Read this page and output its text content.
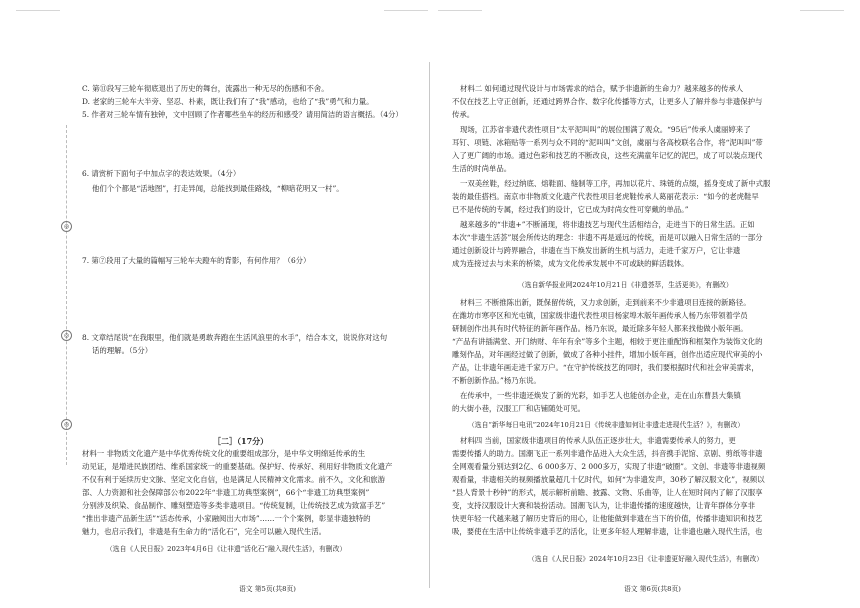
◎
◎
◎
C. 第⑪段写三轮车彻底退出了历史的舞台，流露出一种无尽的伤感和不舍。
D. 老家的三轮车大半旁、坚忍、朴素，既让我们有了“我”感动，也给了“我”勇气和力量。
5. 作者对三轮车情有独钟，文中回顾了作者哪些坐车的经历和感受？请用简洁的语言概括。（4分）
6. 请赏析下面句子中加点字的表达效果。（4分）
他们个个都是“活地图”，打走异闻，总能找到最佳路线，“柳暗花明又一村”。
7. 第⑦段用了大量的篇幅写三轮车夫蹬车的背影，有何作用？（6分）
8. 文章结尾说“在我眼里，他们就是勇敢奔跑在生活风浪里的水手”，结合本文，说说你对这句
话的理解。（5分）
［二］（17分）
材料一 非物质文化遗产是中华优秀传统文化的重要组成部分，是中华文明绵延传承的生
动见证，是增进民族团结、维系国家统一的重要基础。保护好、传承好、利用好非物质文化遗产
不仅有利于延续历史文脉、坚定文化自信，也是满足人民精神文化需求。前不久，文化和旅游
部、人力资源和社会保障部公布2022年“非遗工坊典型案例”，66个“非遗工坊典型案例”
分别涉及织染、食品制作、雕刻塑造等多类非遗项目。“传统复制，让传统技艺成为致富手艺”
“推出非遗产品新生活”“活态传承，小家融阅出大市场”……一个个案例，彰显非遗独特的
魅力，也启示我们，非遗是有生命力的“活化石”，完全可以融入现代生活。
（选自《人民日报》2023年4月6日《让非遗“活化石”融入现代生活》，有删改）
语文 第5页(共8页)
材料二 如何通过现代设计与市场需求的结合，赋予非遗新的生命力？越来越多的传承人
不仅在技艺上守正创新，还通过跨界合作、数字化传播等方式，让更多人了解并参与非遗保护与
传承。
现场，江苏省非遗代表性项目“太平泥叫叫”的展位围满了观众。“95后”传承人虞丽婷来了
耳钉、项链、冰箱贴等一系列与众不同的“泥叫叫”文创，虞丽与各高校联名合作，将“泥叫叫”带
入了更广阔的市场。通过色彩和技艺的不断改良，这些充满童年记忆的泥巴，成了可以装点现代
生活的时尚单品。
一双美丝鞋，经过纳底、熔鞋面、缝制等工序，再加以花片、珠链的点缀，摇身变成了新中式服
装的最佳搭档。南京市非物质文化遗产代表性项目老虎鞋传承人葛丽花表示：“如今的老虎鞋早
已不是传统的专属，经过我们的设计，它已成为时尚女性可穿戴的单品。”
越来越多的“非遗+”不断涌现，将非遗技艺与现代生活相结合，走进当下的日常生活。正如
本次“非遗生活荟”展会所传达的理念：非遗不再是遥远的传统，而是可以融入日常生活的一部分
通过创新设计与跨界融合，非遗在当下焕发出新的生机与活力，走进千家万户，它让非遗
成为连接过去与未来的桥梁，成为文化传承发展中不可或缺的鲜活载体。
（选自新华报业网2024年10月21日《非遗荟萃，生活更美》，有删改）
材料三 不断推陈出新，既保留传统，又力求创新，走到前来不少非遗项目连接的新路径。
在潍坊市寒亭区和光屯镇，国家级非遗代表性项目杨家埠木版年画传承人杨乃东带领着学员
研制创作出具有时代特征的新年画作品。杨乃东说，最近除多年轻人都来找他做小版年画。
“产品有讲插满堂、开门纳财、年年有余”等多个主题，相较于更注重配饰和框架作为装饰文化的
雕刻作品，对年画经过做了创新，做成了各种小挂件，增加小版年画，创作出适应现代审美的小
产品，让非遗年画走进千家万户。“在守护传统技艺的同时，我们要根据时代和社会审美需求，
不断创新作品。”杨乃东说。
在传承中，一些非遗还焕发了新的光彩，如手艺人也能创办企业，走在山东曹县大集镇
的大街小巷，汉服工厂和店铺随处可见。
（选自“新华每日电讯”2024年10月21日《传统非遗如何让非遗走进现代生活？》，有删改）
材料四 当前，国家级非遗项目的传承人队伍正逐步壮大，非遗需要传承人的努力，更
需要传播人的助力。国潮飞正一系列非遗作品进入大众生活，抖音携手泥馆、京剧、剪纸等非遗
全网观看量分别达到2亿、6 000多万、2 000多万，实现了非遗“破圈”。文创、非遗等非遗视频
观看量，非遗相关的视频播放量超几十亿时代，如何“为非遗发声，30秒了解汉服文化”，视频以
“县人背景十秒钟”的形式，展示解析前瞻、披露、文物、乐曲等，让人在短时间内了解了汉服享
变，支持汉服设计大赛和装扮活动。国潮飞认为，让非遗传播的速度越快，让青年群体分享非
快更年轻一代越来越了解历史背后的用心，让他能做到非遗在当下的价值，传播非遗知识和技艺
吸，要使在生活中让传统非遗手艺的活化，让更多年轻人理解非遗，让非遗也融入现代生活，也
（选自《人民日报》2024年10月23日《让非遗更好融入现代生活》，有删改）
语文 第6页(共8页)
